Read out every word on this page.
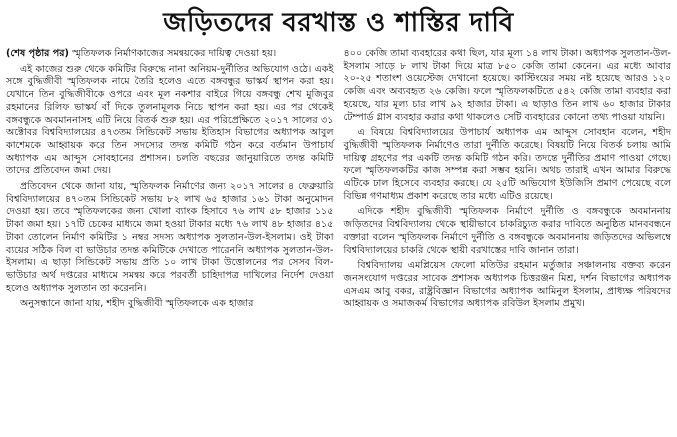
জড়িতদের বরখাস্ত ও শাস্তির দাবি

(শেষ পৃষ্ঠার পর) স্মৃতিফলক নির্মাণকাজের সমন্বয়কের দায়িত্ব দেওয়া হয়।

এই কাজের শুরু থেকে কমিটির বিরুদ্ধে নানা অনিয়ম-দুর্নীতির অভিযোগ ওঠে। একই সঙ্গে বুদ্ধিজীবী স্মৃতিফলক নামে তৈরি হলেও এতে বঙ্গবন্ধুর ভাস্কর্য স্থাপন করা হয়। যেখানে তিন বুদ্ধিজীবীকে ওপরে এবং মূল নকশার বাইরে গিয়ে বঙ্গবন্ধু শেখ মুজিবুর রহমানের রিলিফ ভাস্কর্য বাঁ দিকে তুলনামূলক নিচে স্থাপন করা হয়। এর পর থেকেই বঙ্গবন্ধুকে অবমাননাসহ এটি নিয়ে বিতর্ক শুরু হয়। এর পরিপ্রেক্ষিতে ২০১৭ সালের ৩১ অক্টোবর বিশ্ববিদ্যালয়ের ৪৭৩তম সিন্ডিকেট সভায় ইতিহাস বিভাগের অধ্যাপক আবুল কাশেমকে আহ্বায়ক করে তিন সদস্যের তদন্ত কমিটি গঠন করে বর্তমান উপাচার্য অধ্যাপক এম আব্দুস সোবহানের প্রশাসন। চলতি বছরের জানুয়ারিতে তদন্ত কমিটি তাদের প্রতিবেদন জমা দেয়।

প্রতিবেদন থেকে জানা যায়, স্মৃতিফলক নির্মাণের জন্য ২০১৭ সালের ৪ ফেব্রুয়ারি বিশ্ববিদ্যালয়ের ৪৭০তম সিন্ডিকেট সভায় ৮২ লাখ ৬৫ হাজার ১৬১ টাকা অনুমোদন দেওয়া হয়। তবে স্মৃতিফলকের জন্য খোলা ব্যাংক হিসাবে ৭৬ লাখ ৫৮ হাজার ১১৫ টাকা জমা হয়। ১৭টি চেকের মাধ্যমে জমা হওয়া টাকার মধ্যে ৭৬ লাখ ৪৮ হাজার ৪১৫ টাকা তোলেন নির্মাণ কমিটির ১ নম্বর সদস্য অধ্যাপক সুলতান-উল-ইসলাম। ওই টাকা ব্যয়ের সঠিক বিল বা ভাউচার তদন্ত কমিটিকে দেখাতে পারেননি অধ্যাপক সুলতান-উল-ইসলাম। এ ছাড়া সিন্ডিকেট সভায় প্রতি ১০ লাখ টাকা উত্তোলনের পর সেসব বিল-ভাউচার অর্থ দপ্তরের মাধ্যমে সমন্বয় করে পরবর্তী চাহিদাপত্র দাখিলের নির্দেশ দেওয়া হলেও অধ্যাপক সুলতান তা করেননি।

অনুসন্ধানে জানা যায়, শহীদ বুদ্ধিজীবী স্মৃতিফলকে এক হাজার

৪০০ কেজি তামা ব্যবহারের কথা ছিল, যার মূল্য ১৪ লাখ টাকা। অধ্যাপক সুলতান-উল-ইসলাম সাড়ে ৮ লাখ টাকা দিয়ে মাত্র ৮৫০ কেজি তামা কেনেন। এর মধ্যে আবার ২০-২৫ শতাংশ ওয়েস্টেজ দেখানো হয়েছে। কাস্টিংয়ের সময় নষ্ট হয়েছে আরও ১২০ কেজি এবং অব্যবহৃত ২৬ কেজি। ফলে স্মৃতিফলকটিতে ৫৪২ কেজি তামা ব্যবহার করা হয়েছে, যার মূল্য চার লাখ ৯২ হাজার টাকা। এ ছাড়াও তিন লাখ ৬০ হাজার টাকার টেম্পার্ড গ্লাস ব্যবহার করার কথা থাকলেও সেটি ব্যবহারের কোনো তথ্য পাওয়া যায়নি।

এ বিষয়ে বিশ্ববিদ্যালয়ের উপাচার্য অধ্যাপক এম আব্দুস সোবহান বলেন, শহীদ বুদ্ধিজীবী স্মৃতিফলক নির্মাণেও তারা দুর্নীতি করেছে। বিষয়টি নিয়ে বিতর্ক চলায় আমি দায়িত্ব গ্রহণের পর একটি তদন্ত কমিটি গঠন করি। তদন্তে দুর্নীতির প্রমাণ পাওয়া গেছে। ফলে স্মৃতিফলকটির কাজ সম্পন্ন করা সম্ভব হয়নি। অথচ তারাই এখন আমার বিরুদ্ধে এটিকে ঢাল হিসেবে ব্যবহার করছে। যে ২৫টি অভিযোগ ইউজিসি প্রমাণ পেয়েছে বলে বিভিন্ন গণমাধ্যম প্রকাশ করেছে তার মধ্যে এটিও রয়েছে।

এদিকে শহীদ বুদ্ধিজীবী স্মৃতিফলক নির্মাণে দুর্নীতি ও বঙ্গবন্ধুকে অবমাননায় জড়িতদের বিশ্ববিদ্যালয় থেকে স্থায়ীভাবে চাকরিচ্যুত করার দাবিতে অনুষ্ঠিত মানববন্ধনে বক্তারা বলেন স্মৃতিফলক নির্মাণে দুর্নীতি ও বঙ্গবন্ধুকে অবমাননায় জড়িতদের অভিলম্বে বিশ্ববিদ্যালয়ের চাকরি থেকে স্থায়ী বরখাস্তের দাবি জানান তারা।

বিশ্ববিদ্যালয় এমপ্লিয়েস ফেলো মতিউর রহমান মর্তুজার সঞ্চালনায় বক্তব্য করেন জনসংযোগ দপ্তরের সাবেক প্রশাসক অধ্যাপক চিত্তরঞ্জন মিশ্র, দর্শন বিভাগের অধ্যাপক এসএম আবু বকর, রাষ্ট্রবিজ্ঞান বিভাগের অধ্যাপক আমিনুল ইসলাম, প্রাধ্যক্ষ পরিষদের আহ্বায়ক ও সমাজকর্ম বিভাগের অধ্যাপক রবিউল ইসলাম প্রমুখ।
